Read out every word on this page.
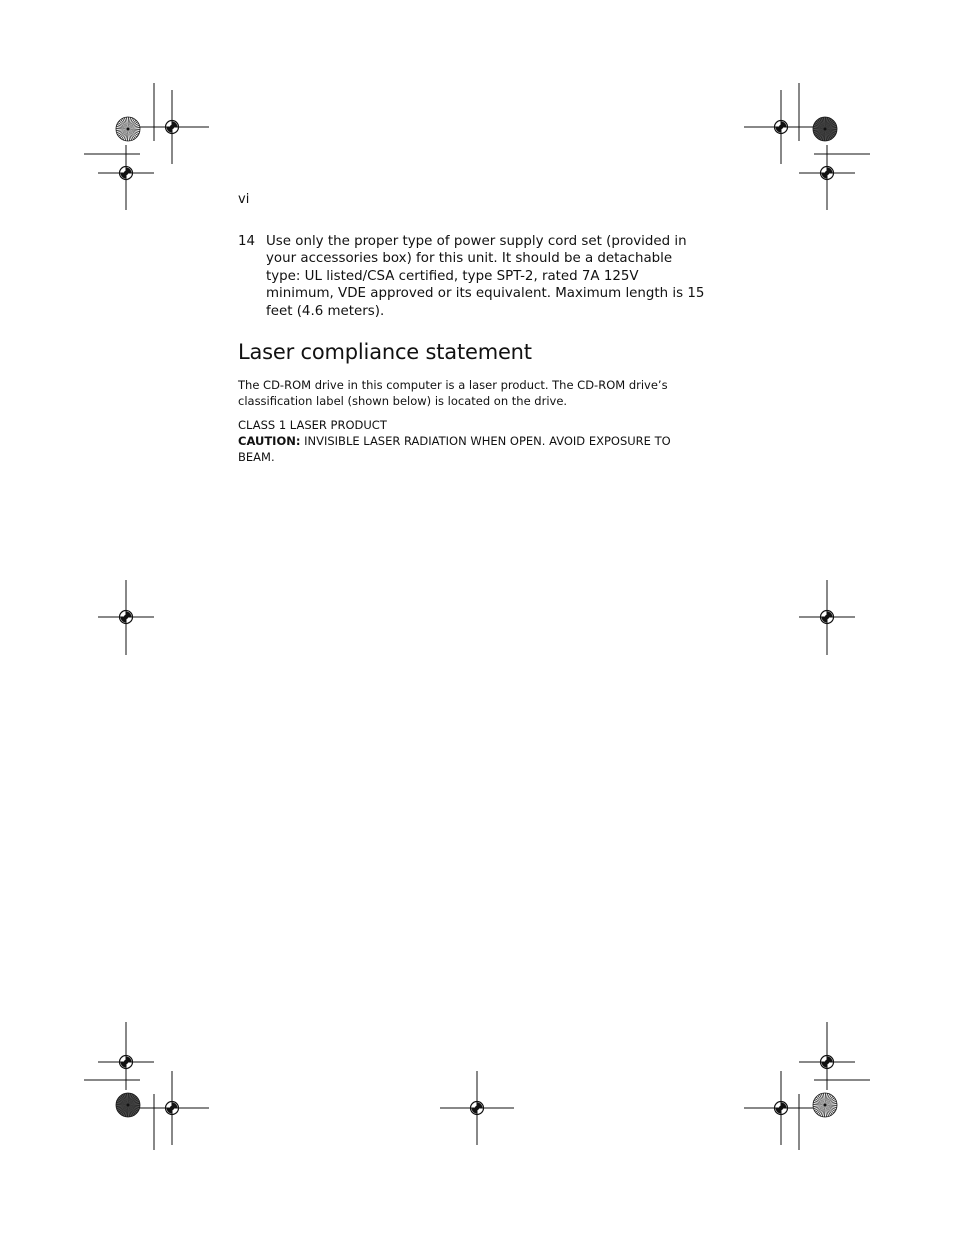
vi
14 Use only the proper type of power supply cord set (provided in your accessories box) for this unit. It should be a detachable type: UL listed/CSA certified, type SPT-2, rated 7A 125V minimum, VDE approved or its equivalent. Maximum length is 15 feet (4.6 meters).
Laser compliance statement
The CD-ROM drive in this computer is a laser product. The CD-ROM drive’s classification label (shown below) is located on the drive.
CLASS 1 LASER PRODUCT
CAUTION: INVISIBLE LASER RADIATION WHEN OPEN. AVOID EXPOSURE TO BEAM.
